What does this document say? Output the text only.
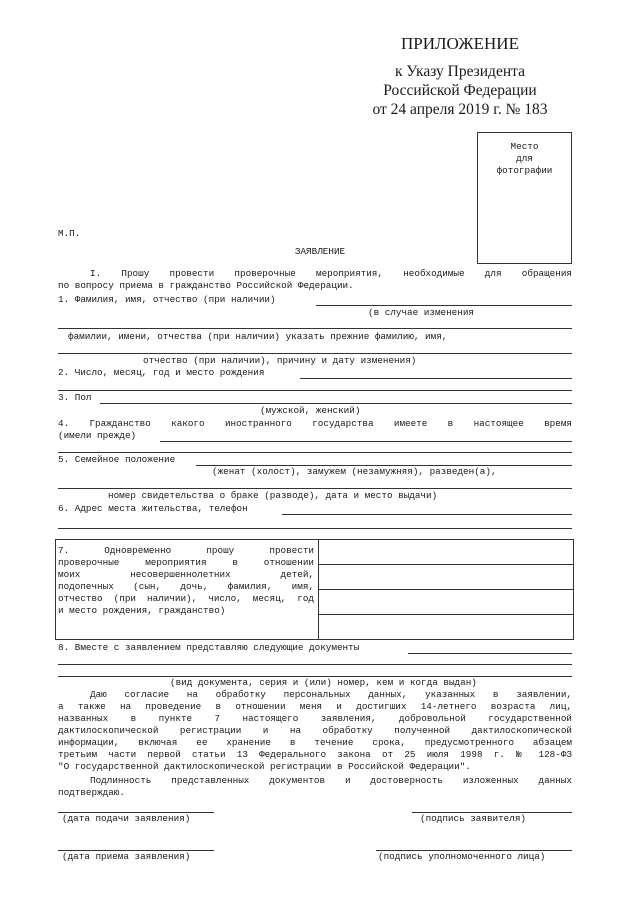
ПРИЛОЖЕНИЕ
к Указу Президента
Российской Федерации
от 24 апреля 2019 г. № 183
Место
для
фотографии
М.П.
ЗАЯВЛЕНИЕ
I. Прошу провести проверочные мероприятия, необходимые для обращения
по вопросу приема в гражданство Российской Федерации.
1. Фамилия, имя, отчество (при наличии)
(в случае изменения
фамилии, имени, отчества (при наличии) указать прежние фамилию, имя,
отчество (при наличии), причину и дату изменения)
2. Число, месяц, год и место рождения
3. Пол
(мужской, женский)
4. Гражданство какого иностранного государства имеете в настоящее время
(имели прежде)
5. Семейное положение
(женат (холост), замужем (незамужняя), разведен(а),
номер свидетельства о браке (разводе), дата и место выдачи)
6. Адрес места жительства, телефон
7. Одновременно прошу провести
проверочные мероприятия в отношении
моих несовершеннолетних детей,
подопечных (сын, дочь, фамилия, имя,
отчество (при наличии), число, месяц, год
и место рождения, гражданство)
8. Вместе с заявлением представляю следующие документы
(вид документа, серия и (или) номер, кем и когда выдан)
Даю согласие на обработку персональных данных, указанных в заявлении,
а также на проведение в отношении меня и достигших 14-летнего возраста лиц,
названных в пункте 7 настоящего заявления, добровольной государственной
дактилоскопической регистрации и на обработку полученной дактилоскопической
информации, включая ее хранение в течение срока, предусмотренного абзацем
третьим части первой статьи 13 Федерального закона от 25 июля 1998 г. № 128-ФЗ
"О государственной дактилоскопической регистрации в Российской Федерации".
Подлинность представленных документов и достоверность изложенных данных
подтверждаю.
(дата подачи заявления)	(подпись заявителя)
(дата приема заявления)	(подпись уполномоченного лица)
